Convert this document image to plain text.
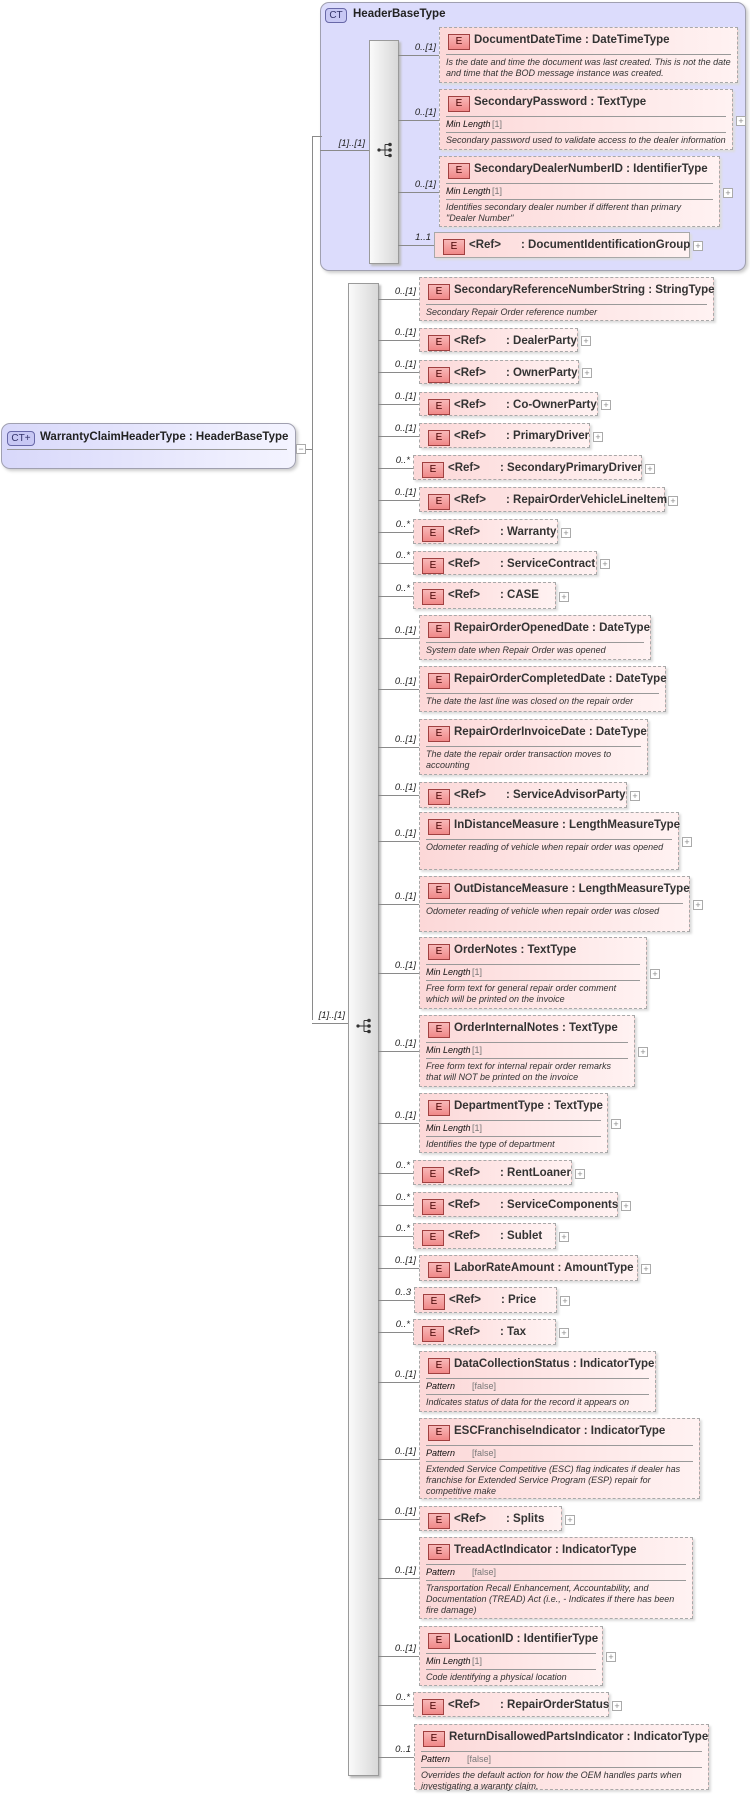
CT+ WarrantyClaimHeaderType : HeaderBaseType
−
CT HeaderBaseType
[1]..[1]
[1]..[1]
0..[1]
E	DocumentDateTime : DateTimeType
Is the date and time the document was last created. This is not the date and time that the BOD message instance was created.
0..[1]
E	SecondaryPassword : TextType
Min Length [1]
Secondary password used to validate access to the dealer information
+
0..[1]
E	SecondaryDealerNumberID : IdentifierType
Min Length [1]
Identifies secondary dealer number if different than primary "Dealer Number"
+
1..1
E	<Ref> : DocumentIdentificationGroup +
0..[1]	E	SecondaryReferenceNumberString : StringType
Secondary Repair Order reference number
0..[1]
E	<Ref> : DealerParty +
0..[1]
E	<Ref> : OwnerParty +
0..[1]
E	<Ref> : Co-OwnerParty +
0..[1]
E	<Ref> : PrimaryDriver +
0..*
E	<Ref> : SecondaryPrimaryDriver +
0..[1]
E	<Ref> : RepairOrderVehicleLineItem +
0..*
E	<Ref> : Warranty +
0..*
E	<Ref> : ServiceContract +
0..*
E	<Ref> : CASE +
0..[1]	E	RepairOrderOpenedDate : DateType
System date when Repair Order was opened
0..[1]	E	RepairOrderCompletedDate : DateType
The date the last line was closed on the repair order
0..[1]
E	RepairOrderInvoiceDate : DateType
The date the repair order transaction moves to accounting
0..[1]
E	<Ref> : ServiceAdvisorParty +
0..[1]
E	InDistanceMeasure : LengthMeasureType
Odometer reading of vehicle when repair order was opened	+
0..[1]
E	OutDistanceMeasure : LengthMeasureType
Odometer reading of vehicle when repair order was closed
+
0..[1]
E	OrderNotes : TextType
Min Length [1]
Free form text for general repair order comment which will be printed on the invoice
+
0..[1]
E	OrderInternalNotes : TextType
Min Length [1]
Free form text for internal repair order remarks that will NOT be printed on the invoice
+
0..[1]
E	DepartmentType : TextType
Min Length [1]
Identifies the type of department
+
0..*
E	<Ref> : RentLoaner +
0..*
E	<Ref> : ServiceComponents +
0..*
E	<Ref> : Sublet +
0..[1]
E	LaborRateAmount : AmountType +
0..3
E	<Ref> : Price	+
0..*
E	<Ref> : Tax	+
0..[1]
E	DataCollectionStatus : IndicatorType
Pattern [false]
Indicates status of data for the record it appears on
0..[1]
E	ESCFranchiseIndicator : IndicatorType
Pattern [false]
Extended Service Competitive (ESC) flag indicates if dealer has franchise for Extended Service Program (ESP) repair for competitive make
0..[1]
E	<Ref> : Splits	+
0..[1]
E	TreadActIndicator : IndicatorType
Pattern [false]
Transportation Recall Enhancement, Accountability, and Documentation (TREAD) Act (i.e., - Indicates if there has been fire damage)
0..[1]
E	LocationID : IdentifierType
Min Length [1]
Code identifying a physical location
+
0..*
E	<Ref> : RepairOrderStatus +
0..1
E	ReturnDisallowedPartsIndicator : IndicatorType
Pattern [false]
Overrides the default action for how the OEM handles parts when investigating a waranty claim.
